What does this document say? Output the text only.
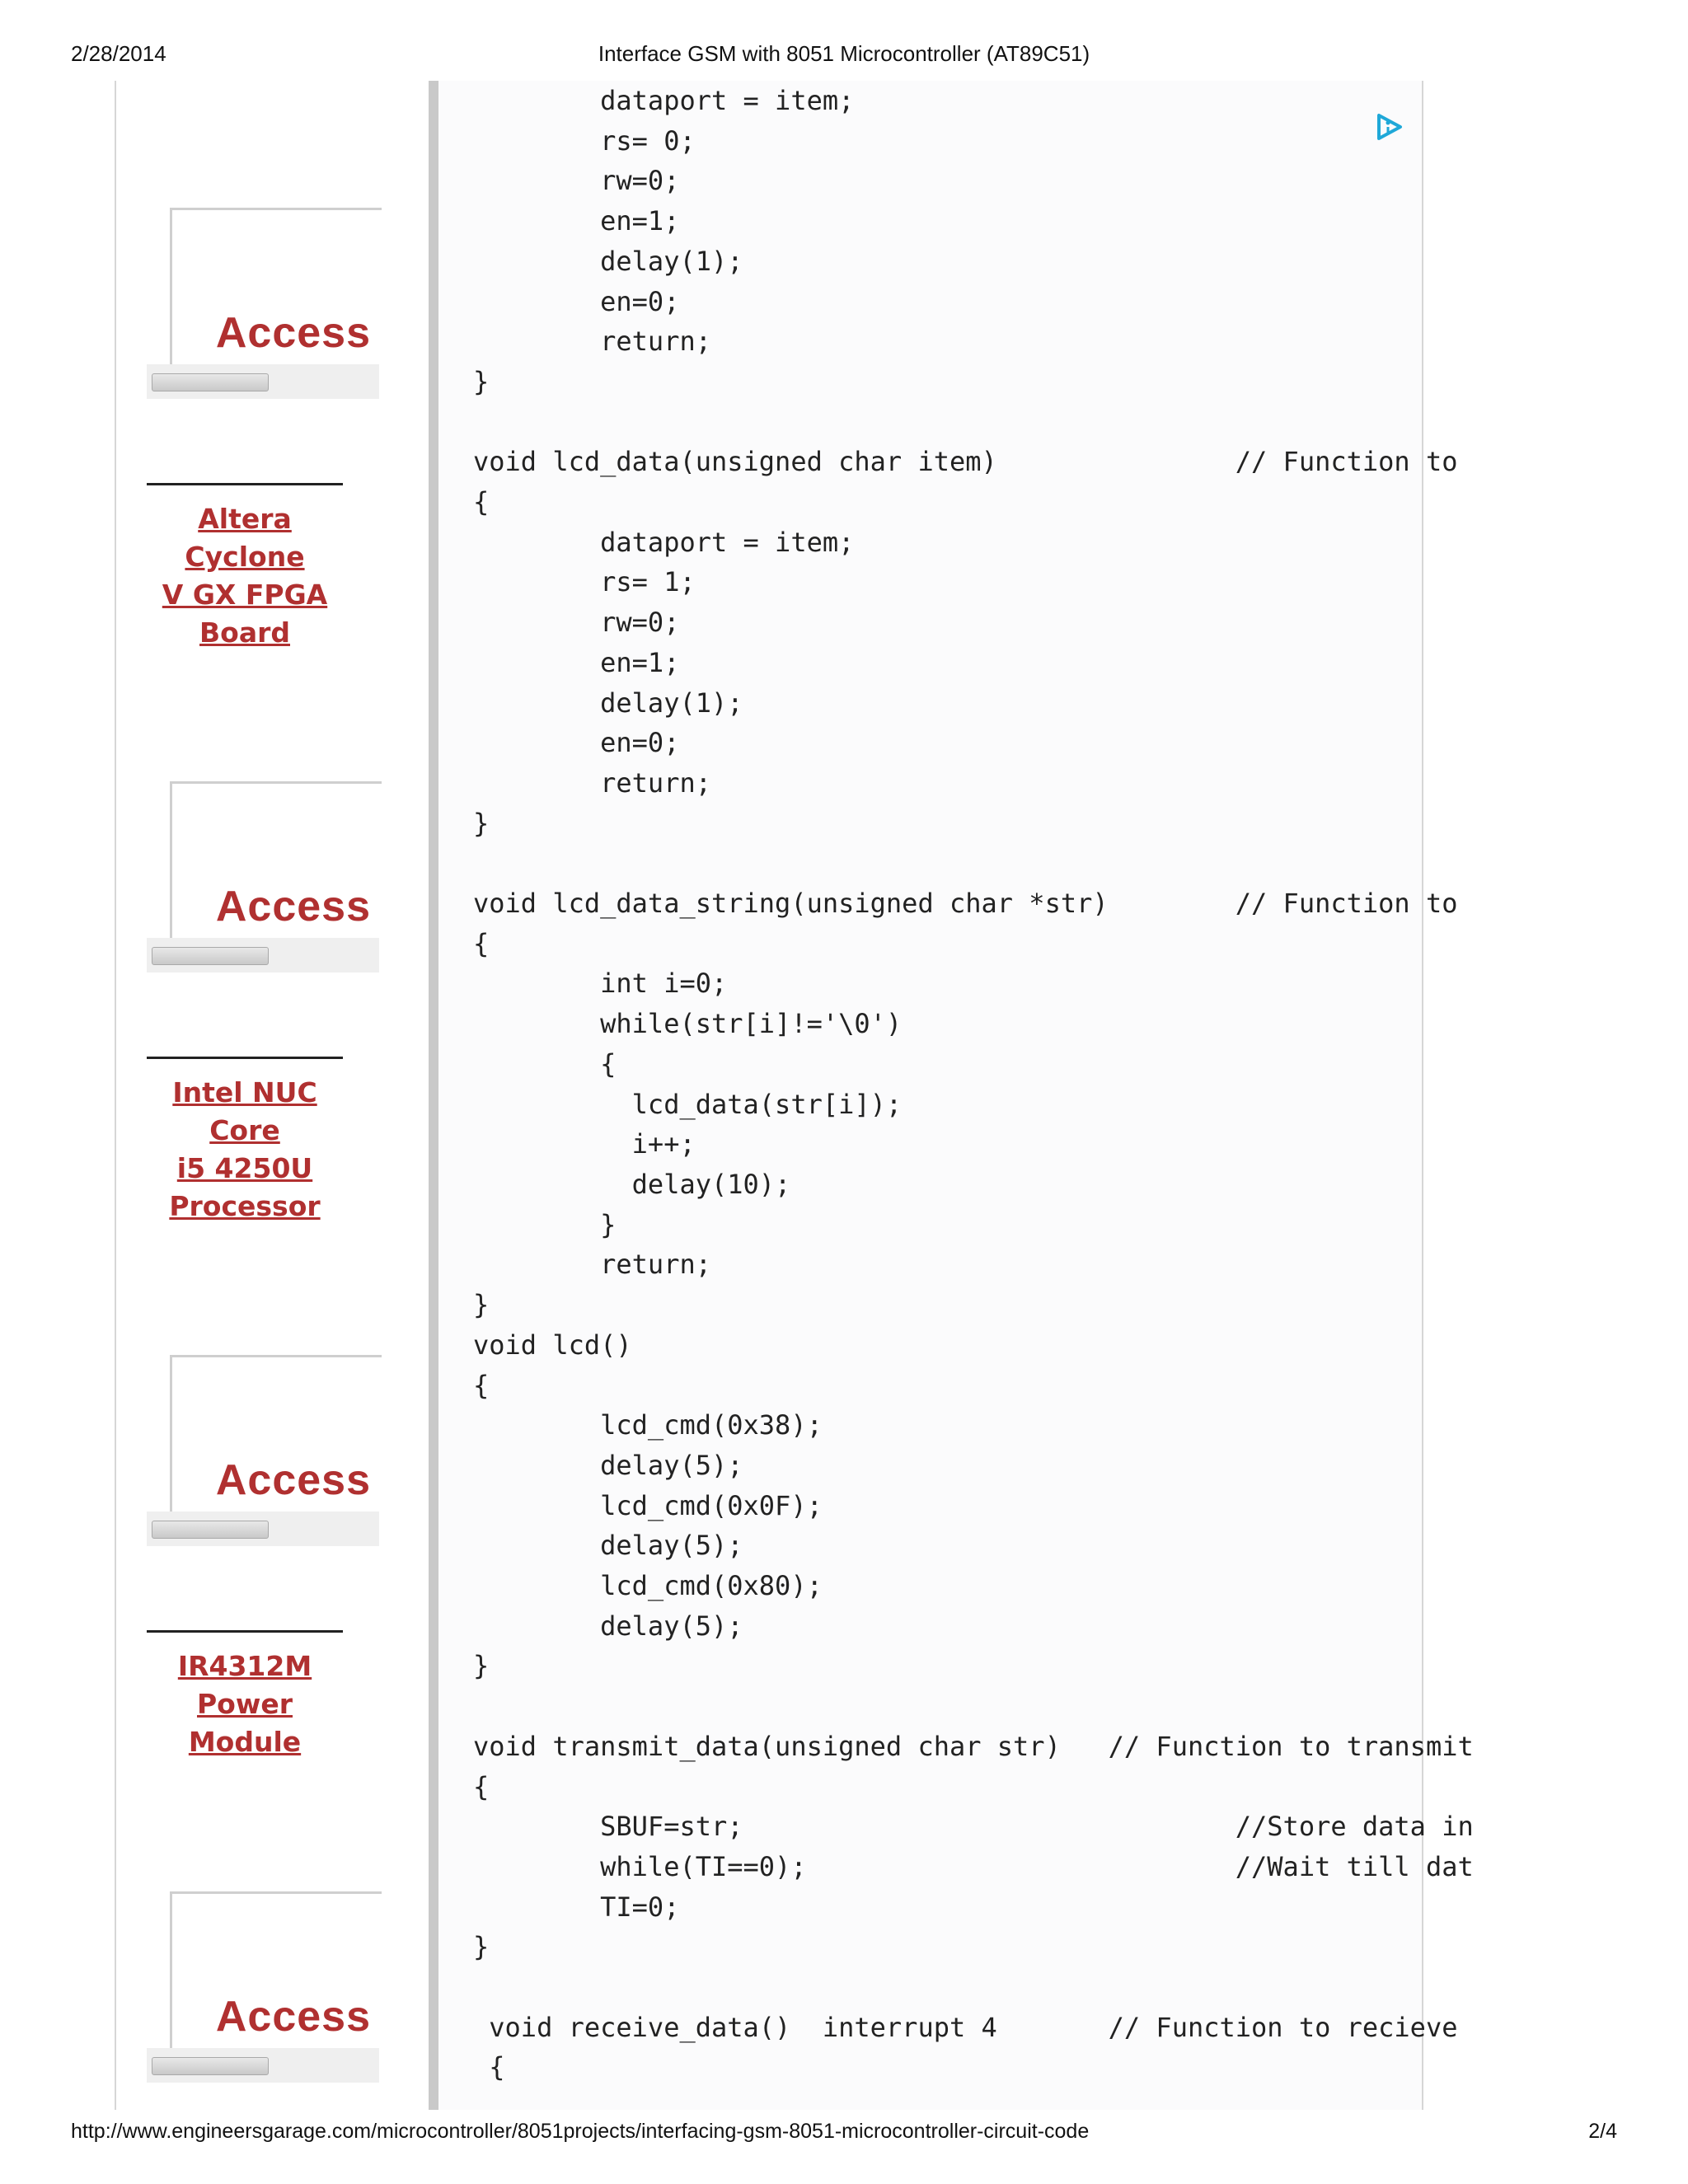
2/28/2014	Interface GSM with 8051 Microcontroller (AT89C51)
Access
Altera Cyclone
V GX FPGA
Board
Access
Intel NUC Core
i5 4250U
Processor
Access
IR4312M
Power Module
Access
dataport = item;
rs= 0;
rw=0;
en=1;
delay(1);
en=0;
return;
}

void lcd_data(unsigned char item)               // Function to
{
dataport = item;
rs= 1;
rw=0;
en=1;
delay(1);
en=0;
return;
}

void lcd_data_string(unsigned char *str)        // Function to
{
int i=0;
while(str[i]!='\0')
{
lcd_data(str[i]);
i++;
delay(10);
}
return;
}
void lcd()
{
lcd_cmd(0x38);
delay(5);
lcd_cmd(0x0F);
delay(5);
lcd_cmd(0x80);
delay(5);
}

void transmit_data(unsigned char str)   // Function to transmit
{
SBUF=str;                               //Store data in
while(TI==0);                           //Wait till dat
TI=0;
}

void receive_data()  interrupt 4       // Function to recieve
{

http://www.engineersgarage.com/microcontroller/8051projects/interfacing-gsm-8051-microcontroller-circuit-code	2/4
